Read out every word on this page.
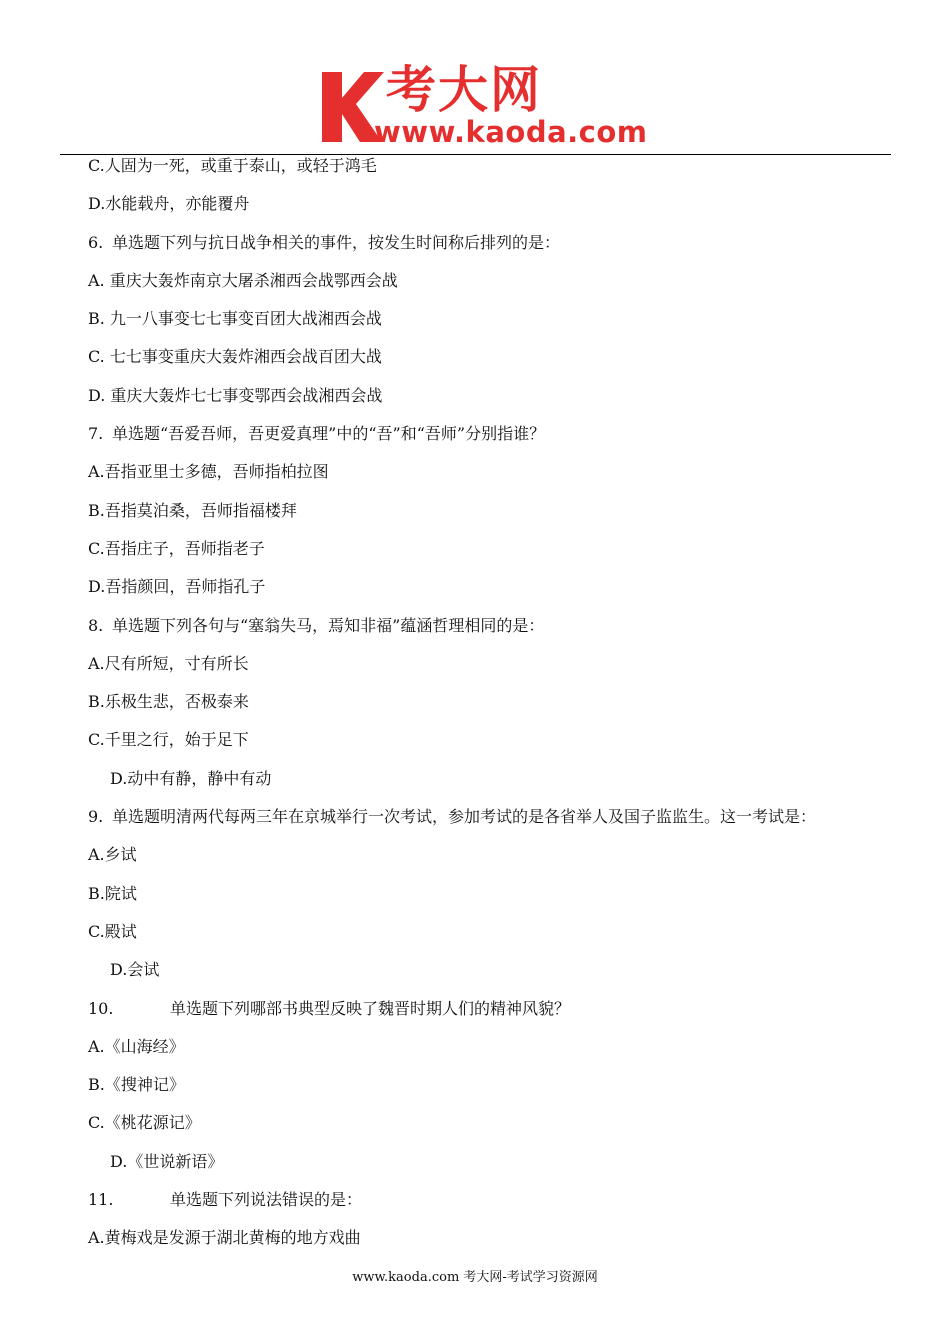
考大网
www.kaoda.com
C.人固为一死，或重于泰山，或轻于鸿毛
D.水能载舟，亦能覆舟
6. 单选题下列与抗日战争相关的事件，按发生时间称后排列的是：
A. 重庆大轰炸南京大屠杀湘西会战鄂西会战
B. 九一八事变七七事变百团大战湘西会战
C. 七七事变重庆大轰炸湘西会战百团大战
D. 重庆大轰炸七七事变鄂西会战湘西会战
7. 单选题“吾爱吾师，吾更爱真理”中的“吾”和“吾师”分别指谁？
A.吾指亚里士多德，吾师指柏拉图
B.吾指莫泊桑，吾师指福楼拜
C.吾指庄子，吾师指老子
D.吾指颜回，吾师指孔子
8. 单选题下列各句与“塞翁失马，焉知非福”蕴涵哲理相同的是：
A.尺有所短，寸有所长
B.乐极生悲，否极泰来
C.千里之行，始于足下
D.动中有静，静中有动
9. 单选题明清两代每两三年在京城举行一次考试，参加考试的是各省举人及国子监监生。这一考试是：
A.乡试
B.院试
C.殿试
D.会试
10.	单选题下列哪部书典型反映了魏晋时期人们的精神风貌？
A.《山海经》
B.《搜神记》
C.《桃花源记》
D.《世说新语》
11.	单选题下列说法错误的是：
A.黄梅戏是发源于湖北黄梅的地方戏曲
www.kaoda.com 考大网-考试学习资源网
